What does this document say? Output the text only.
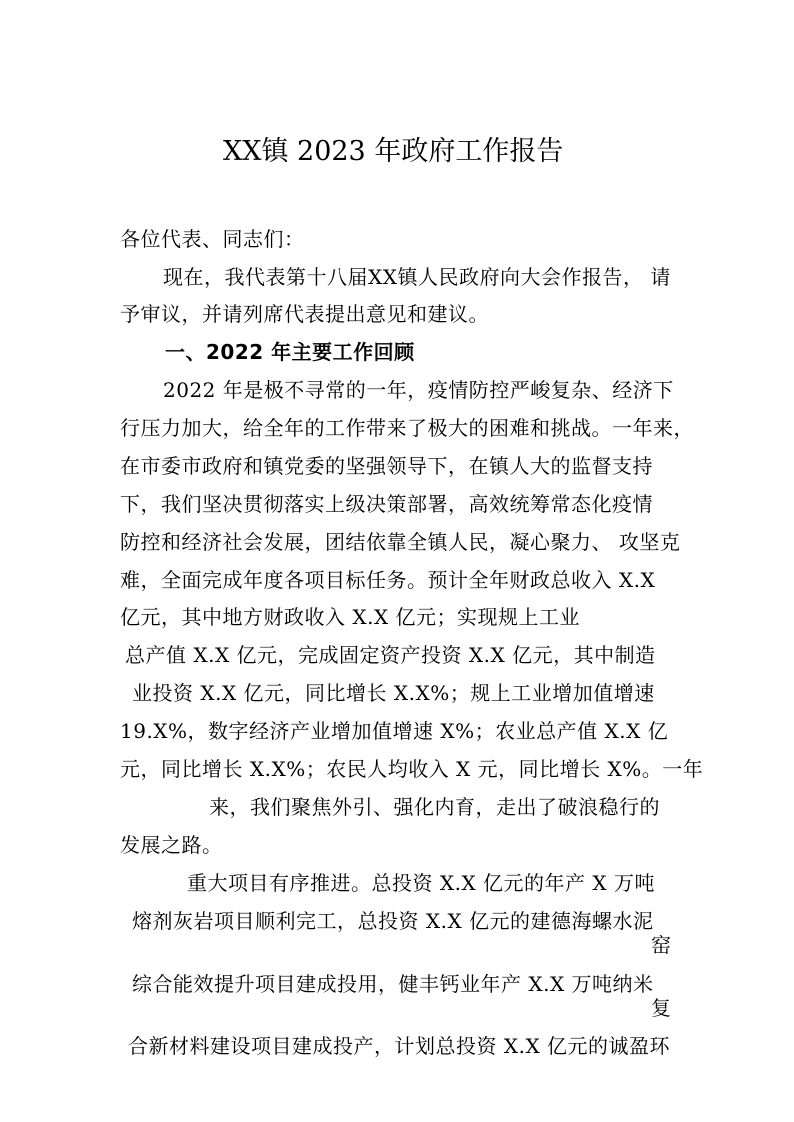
XX镇 2023 年政府工作报告
各位代表、同志们：
现在，我代表第十八届XX镇人民政府向大会作报告， 请
予审议，并请列席代表提出意见和建议。
一、2022 年主要工作回顾
2022 年是极不寻常的一年，疫情防控严峻复杂、经济下
行压力加大，给全年的工作带来了极大的困难和挑战。一年来，
在市委市政府和镇党委的坚强领导下，在镇人大的监督支持
下，我们坚决贯彻落实上级决策部署，高效统筹常态化疫情
防控和经济社会发展，团结依靠全镇人民，凝心聚力、 攻坚克
难，全面完成年度各项目标任务。预计全年财政总收入 X.X
亿元，其中地方财政收入 X.X 亿元；实现规上工业
总产值 X.X 亿元，完成固定资产投资 X.X 亿元，其中制造
业投资 X.X 亿元，同比增长 X.X%；规上工业增加值增速
19.X%，数字经济产业增加值增速 X%；农业总产值 X.X 亿
元，同比增长 X.X%；农民人均收入 X 元，同比增长 X%。一年
来，我们聚焦外引、强化内育，走出了破浪稳行的
发展之路。
重大项目有序推进。总投资 X.X 亿元的年产 X 万吨
熔剂灰岩项目顺利完工，总投资 X.X 亿元的建德海螺水泥
窑
综合能效提升项目建成投用，健丰钙业年产 X.X 万吨纳米
复
合新材料建设项目建成投产，计划总投资 X.X 亿元的诚盈环
